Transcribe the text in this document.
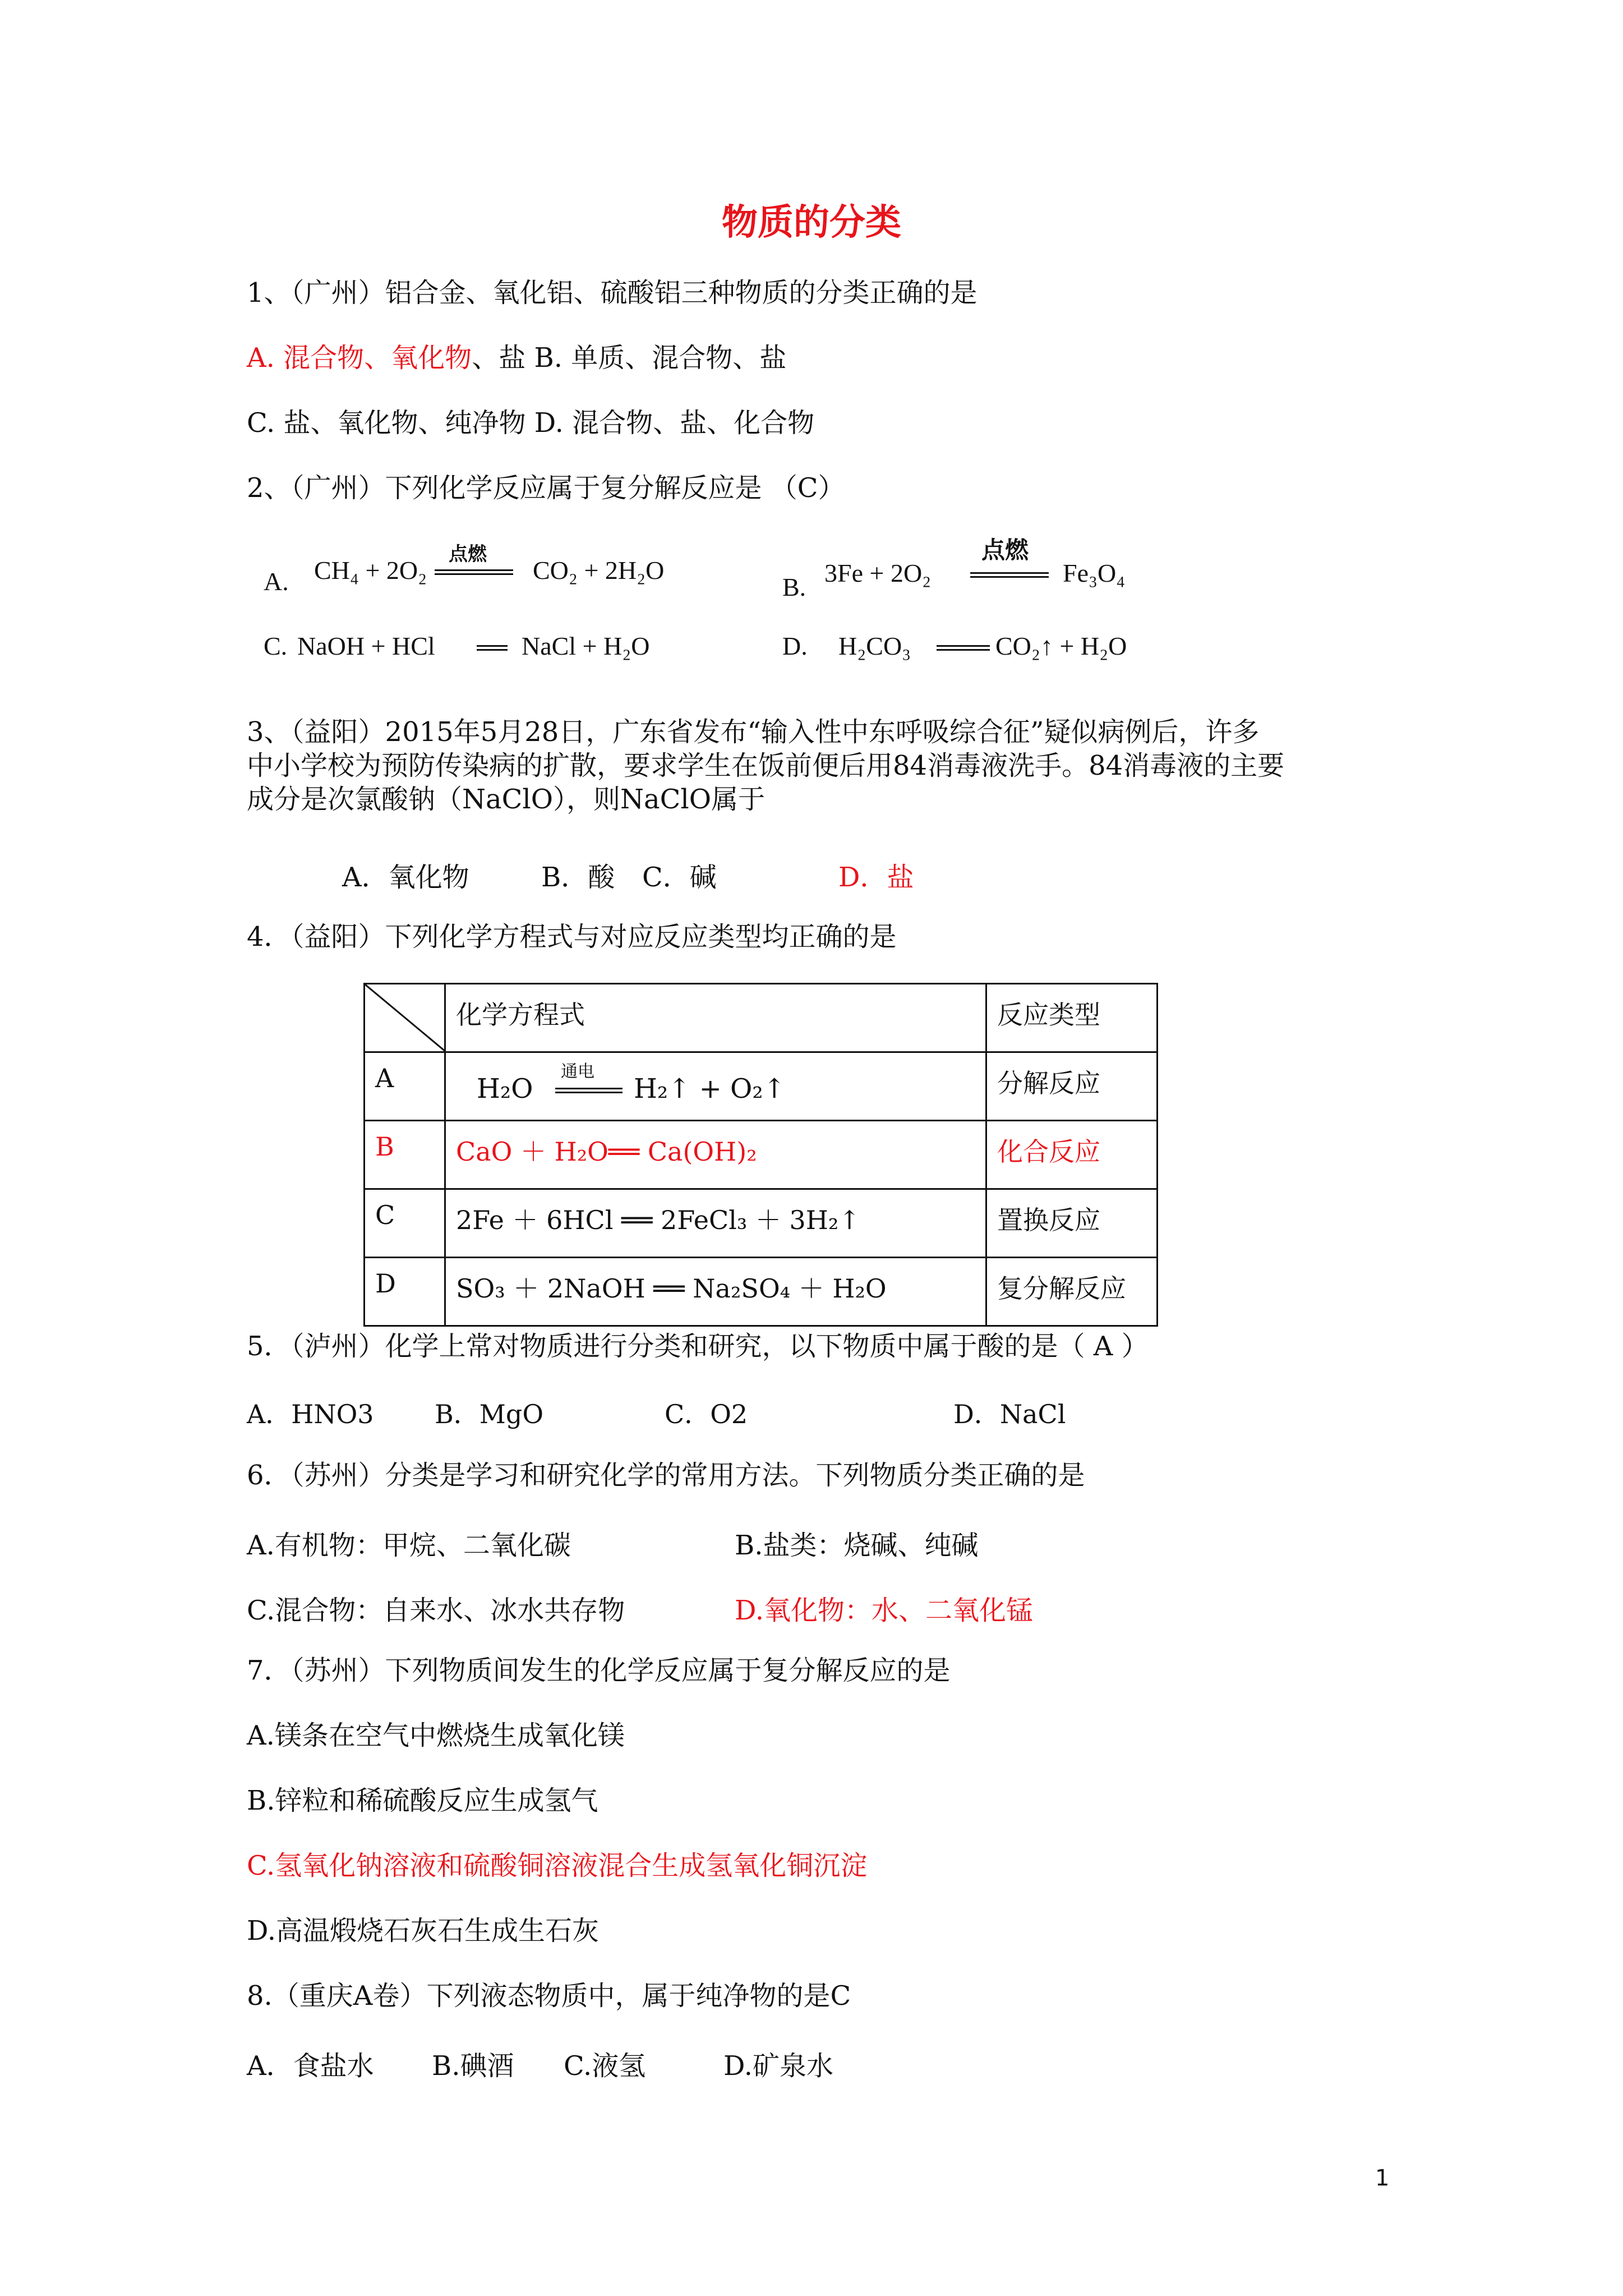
物质的分类
1、（广州）铝合金、氧化铝、硫酸铝三种物质的分类正确的是
A. 混合物、氧化物、盐 B. 单质、混合物、盐
C. 盐、氧化物、纯净物 D. 混合物、盐、化合物
2、（广州）下列化学反应属于复分解反应是 （C）
A. CH₄ + 2O₂
点燃
CO₂ + 2H₂O
B. 3Fe + 2O₂
点燃
Fe₃O₄
C. NaOH + HCl	NaCl + H₂O	D. H₂CO₃	CO₂↑ + H₂O
3、（益阳）2015年5月28日，广东省发布“输入性中东呼吸综合征”疑似病例后，许多
中小学校为预防传染病的扩散，要求学生在饭前便后用84消毒液洗手。84消毒液的主要
成分是次氯酸钠（NaClO），则NaClO属于
A．氧化物	B．酸 C．碱	D．盐
4．（益阳）下列化学方程式与对应反应类型均正确的是
	化学方程式	反应类型
A	H₂O
通电
H₂↑ + O₂↑	分解反应
B	CaO ＋ H₂O══ Ca(OH)₂	化合反应
C	2Fe ＋ 6HCl ══ 2FeCl₃ ＋ 3H₂↑	置换反应
D	SO₃ ＋ 2NaOH ══ Na₂SO₄ ＋ H₂O	复分解反应
5．（泸州）化学上常对物质进行分类和研究，以下物质中属于酸的是（ A ）
A．HNO3 B．MgO	C．O2	D．NaCl
6．（苏州）分类是学习和研究化学的常用方法。下列物质分类正确的是
A.有机物：甲烷、二氧化碳	B.盐类：烧碱、纯碱
C.混合物：自来水、冰水共存物	D.氧化物：水、二氧化锰
7．（苏州）下列物质间发生的化学反应属于复分解反应的是
A.镁条在空气中燃烧生成氧化镁
B.锌粒和稀硫酸反应生成氢气
C.氢氧化钠溶液和硫酸铜溶液混合生成氢氧化铜沉淀
D.高温煅烧石灰石生成生石灰
8.（重庆A卷）下列液态物质中，属于纯净物的是C
A．食盐水 B.碘酒 C.液氢	D.矿泉水
1
